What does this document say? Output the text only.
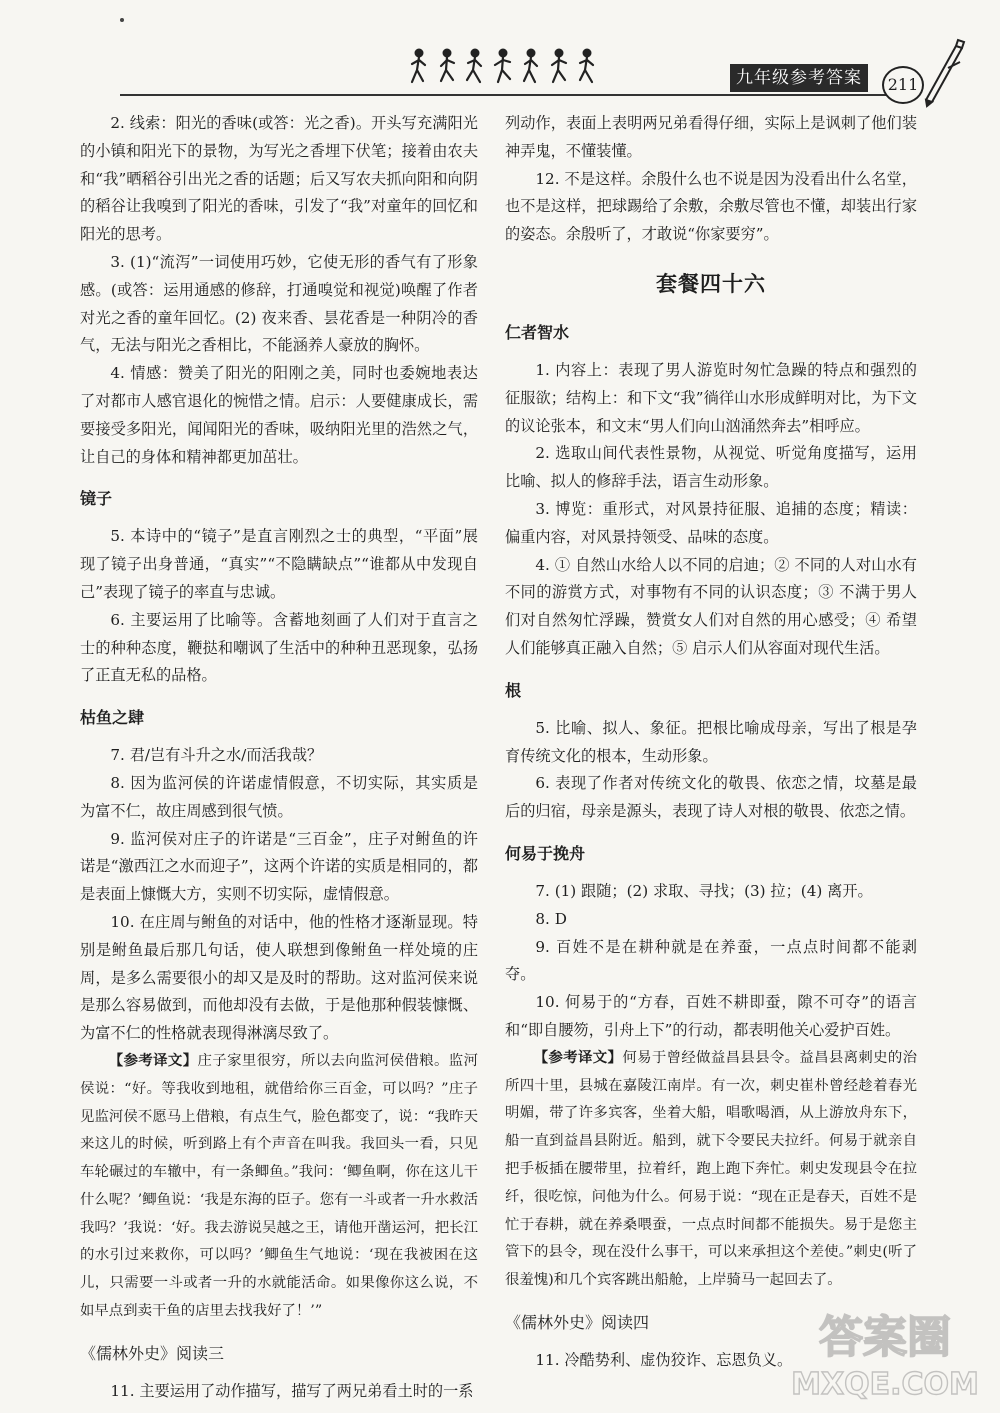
九年级参考答案	211

2. 线索：阳光的香味(或答：光之香)。开头写充满阳光的小镇和阳光下的景物，为写光之香埋下伏笔；接着由农夫和“我”晒稻谷引出光之香的话题；后又写农夫抓向阳和向阴的稻谷让我嗅到了阳光的香味，引发了“我”对童年的回忆和阳光的思考。

3. (1)“流泻”一词使用巧妙，它使无形的香气有了形象感。(或答：运用通感的修辞，打通嗅觉和视觉)唤醒了作者对光之香的童年回忆。(2) 夜来香、昙花香是一种阴冷的香气，无法与阳光之香相比，不能涵养人豪放的胸怀。

4. 情感：赞美了阳光的阳刚之美，同时也委婉地表达了对都市人感官退化的惋惜之情。启示：人要健康成长，需要接受多阳光，闻闻阳光的香味，吸纳阳光里的浩然之气，让自己的身体和精神都更加茁壮。

镜子

5. 本诗中的“镜子”是直言刚烈之士的典型，“平面”展现了镜子出身普通，“真实”“不隐瞒缺点”“谁都从中发现自己”表现了镜子的率直与忠诚。

6. 主要运用了比喻等。含蓄地刻画了人们对于直言之士的种种态度，鞭挞和嘲讽了生活中的种种丑恶现象，弘扬了正直无私的品格。

枯鱼之肆

7. 君/岂有斗升之水/而活我哉？

8. 因为监河侯的许诺虚情假意，不切实际，其实质是为富不仁，故庄周感到很气愤。

9. 监河侯对庄子的许诺是“三百金”，庄子对鲋鱼的许诺是“激西江之水而迎子”，这两个许诺的实质是相同的，都是表面上慷慨大方，实则不切实际，虚情假意。

10. 在庄周与鲋鱼的对话中，他的性格才逐渐显现。特别是鲋鱼最后那几句话，使人联想到像鲋鱼一样处境的庄周，是多么需要很小的却又是及时的帮助。这对监河侯来说是那么容易做到，而他却没有去做，于是他那种假装慷慨、为富不仁的性格就表现得淋漓尽致了。

【参考译文】庄子家里很穷，所以去向监河侯借粮。监河侯说：“好。等我收到地租，就借给你三百金，可以吗？”庄子见监河侯不愿马上借粮，有点生气，脸色都变了，说：“我昨天来这儿的时候，听到路上有个声音在叫我。我回头一看，只见车轮碾过的车辙中，有一条鲫鱼。”我问：‘鲫鱼啊，你在这儿干什么呢？’鲫鱼说：‘我是东海的臣子。您有一斗或者一升水救活我吗？’我说：‘好。我去游说吴越之王，请他开凿运河，把长江的水引过来救你，可以吗？’鲫鱼生气地说：‘现在我被困在这儿，只需要一斗或者一升的水就能活命。如果像你这么说，不如早点到卖干鱼的店里去找我好了！’”

《儒林外史》阅读三

11. 主要运用了动作描写，描写了两兄弟看土时的一系

列动作，表面上表明两兄弟看得仔细，实际上是讽刺了他们装神弄鬼，不懂装懂。

12. 不是这样。余殷什么也不说是因为没看出什么名堂，也不是这样，把球踢给了余敷，余敷尽管也不懂，却装出行家的姿态。余殷听了，才敢说“你家要穷”。

套餐四十六
仁者智水

1. 内容上：表现了男人游览时匆忙急躁的特点和强烈的征服欲；结构上：和下文“我”徜徉山水形成鲜明对比，为下文的议论张本，和文末“男人们向山汹涌然奔去”相呼应。

2. 选取山间代表性景物，从视觉、听觉角度描写，运用比喻、拟人的修辞手法，语言生动形象。

3. 博览：重形式，对风景持征服、追捕的态度；精读：偏重内容，对风景持领受、品味的态度。

4. ① 自然山水给人以不同的启迪；② 不同的人对山水有不同的游赏方式，对事物有不同的认识态度；③ 不满于男人们对自然匆忙浮躁，赞赏女人们对自然的用心感受；④ 希望人们能够真正融入自然；⑤ 启示人们从容面对现代生活。

根

5. 比喻、拟人、象征。把根比喻成母亲，写出了根是孕育传统文化的根本，生动形象。

6. 表现了作者对传统文化的敬畏、依恋之情，坟墓是最后的归宿，母亲是源头，表现了诗人对根的敬畏、依恋之情。

何易于挽舟

7. (1) 跟随；(2) 求取、寻找；(3) 拉；(4) 离开。

8. D

9. 百姓不是在耕种就是在养蚕，一点点时间都不能剥夺。

10. 何易于的“方春，百姓不耕即蚕，隙不可夺”的语言和“即自腰笏，引舟上下”的行动，都表明他关心爱护百姓。

【参考译文】何易于曾经做益昌县县令。益昌县离刺史的治所四十里，县城在嘉陵江南岸。有一次，刺史崔朴曾经趁着春光明媚，带了许多宾客，坐着大船，唱歌喝酒，从上游放舟东下，船一直到益昌县附近。船到，就下令要民夫拉纤。何易于就亲自把手板插在腰带里，拉着纤，跑上跑下奔忙。刺史发现县令在拉纤，很吃惊，问他为什么。何易于说：“现在正是春天，百姓不是忙于春耕，就在养桑喂蚕，一点点时间都不能损失。易于是您主管下的县令，现在没什么事干，可以来承担这个差使。”刺史(听了很羞愧)和几个宾客跳出船舱，上岸骑马一起回去了。

《儒林外史》阅读四

11. 冷酷势利、虚伪狡诈、忘恩负义。 答案圈
MXQE.COM
